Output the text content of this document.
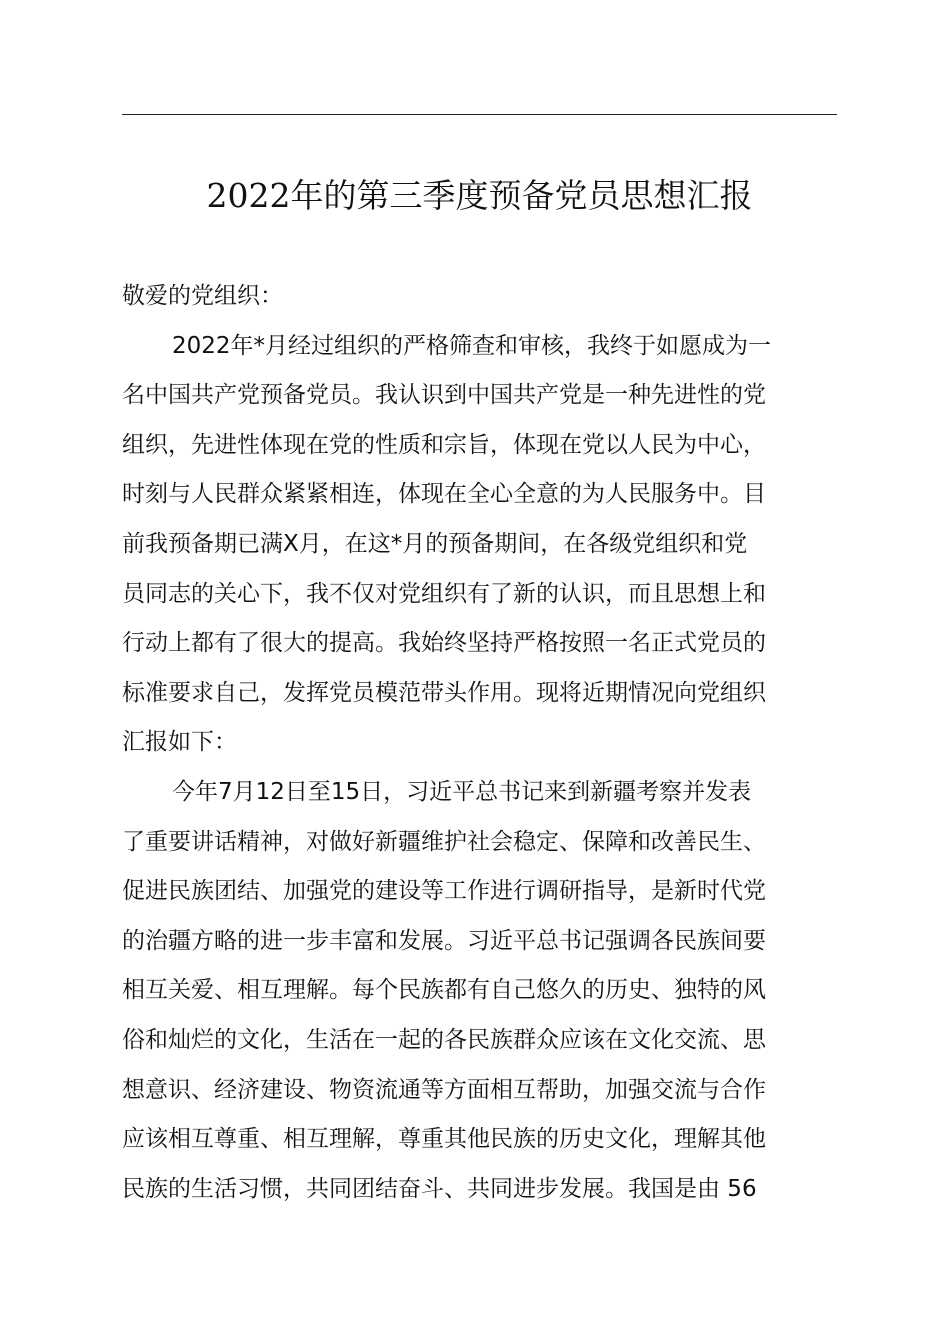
2022年的第三季度预备党员思想汇报
敬爱的党组织：
2022年*月经过组织的严格筛查和审核，我终于如愿成为一
名中国共产党预备党员。我认识到中国共产党是一种先进性的党
组织，先进性体现在党的性质和宗旨，体现在党以人民为中心，
时刻与人民群众紧紧相连，体现在全心全意的为人民服务中。目
前我预备期已满X月，在这*月的预备期间，在各级党组织和党
员同志的关心下，我不仅对党组织有了新的认识，而且思想上和
行动上都有了很大的提高。我始终坚持严格按照一名正式党员的
标准要求自己，发挥党员模范带头作用。现将近期情况向党组织
汇报如下：
今年7月12日至15日，习近平总书记来到新疆考察并发表
了重要讲话精神，对做好新疆维护社会稳定、保障和改善民生、
促进民族团结、加强党的建设等工作进行调研指导，是新时代党
的治疆方略的进一步丰富和发展。习近平总书记强调各民族间要
相互关爱、相互理解。每个民族都有自己悠久的历史、独特的风
俗和灿烂的文化，生活在一起的各民族群众应该在文化交流、思
想意识、经济建设、物资流通等方面相互帮助，加强交流与合作
应该相互尊重、相互理解，尊重其他民族的历史文化，理解其他
民族的生活习惯，共同团结奋斗、共同进步发展。我国是由 56
